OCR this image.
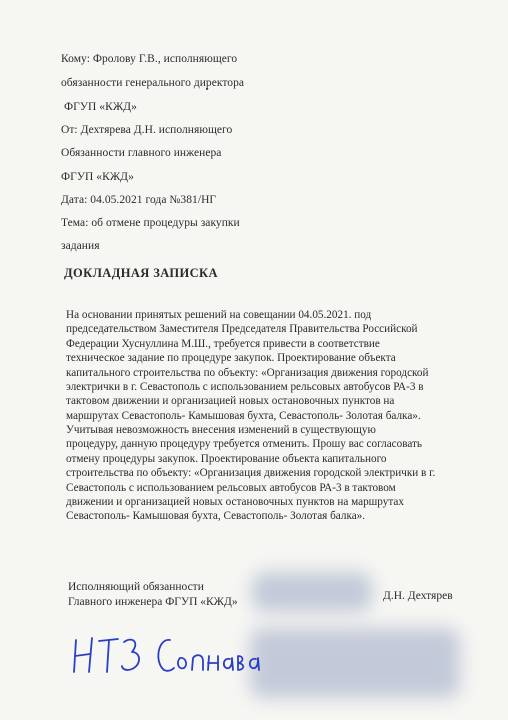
Кому: Фролову Г.В., исполняющего
обязанности генерального директора
ФГУП «КЖД»
От: Дехтярева Д.Н. исполняющего
Обязанности главного инженера
ФГУП «КЖД»
Дата: 04.05.2021 года №381/НГ
Тема: об отмене процедуры закупки
задания
ДОКЛАДНАЯ ЗАПИСКА
На основании принятых решений на совещании 04.05.2021. под
председательством Заместителя Председателя Правительства Российской
Федерации Хуснуллина М.Ш., требуется привести в соответствие
техническое задание по процедуре закупок. Проектирование объекта
капитального строительства по объекту: «Организация движения городской
электрички в г. Севастополь с использованием рельсовых автобусов РА-3 в
тактовом движении и организацией новых остановочных пунктов на
маршрутах Севастополь- Камышовая бухта, Севастополь- Золотая балка».
Учитывая невозможность внесения изменений в существующую
процедуру, данную процедуру требуется отменить. Прошу вас согласовать
отмену процедуры закупок. Проектирование объекта капитального
строительства по объекту: «Организация движения городской электрички в г.
Севастополь с использованием рельсовых автобусов РА-3 в тактовом
движении и организацией новых остановочных пунктов на маршрутах
Севастополь- Камышовая бухта, Севастополь- Золотая балка».
Исполняющий обязанности
Главного инженера ФГУП «КЖД»	Д.Н. Дехтярев
